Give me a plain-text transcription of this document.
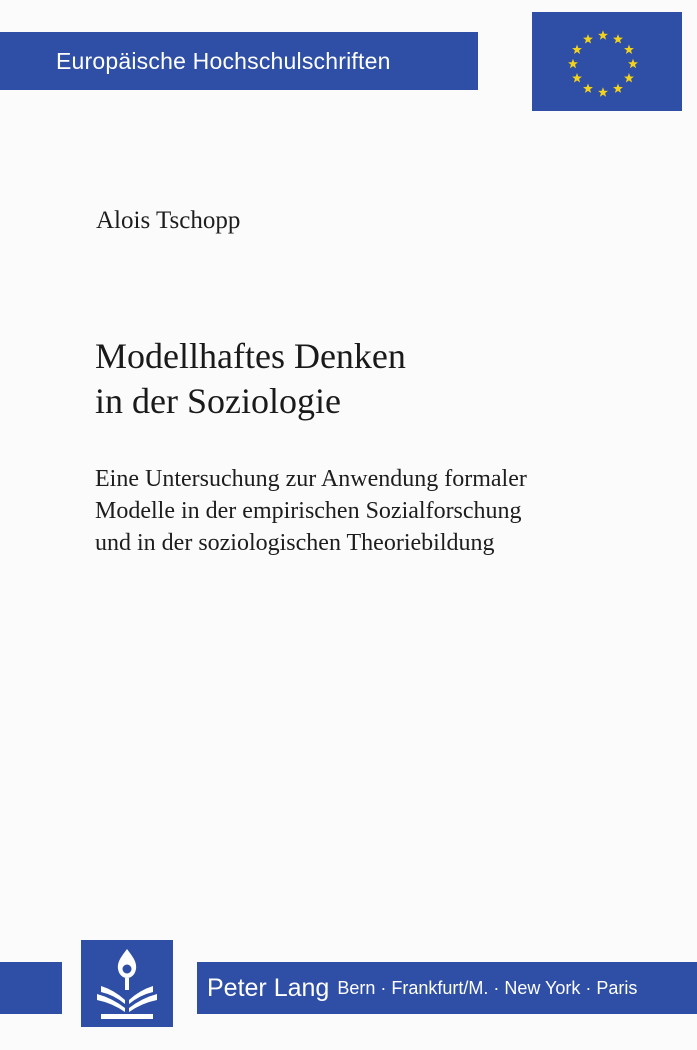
Europäische Hochschulschriften
Alois Tschopp
Modellhaftes Denken
in der Soziologie
Eine Untersuchung zur Anwendung formaler
Modelle in der empirischen Sozialforschung
und in der soziologischen Theoriebildung
Peter Lang Bern · Frankfurt/M. · New York · Paris
